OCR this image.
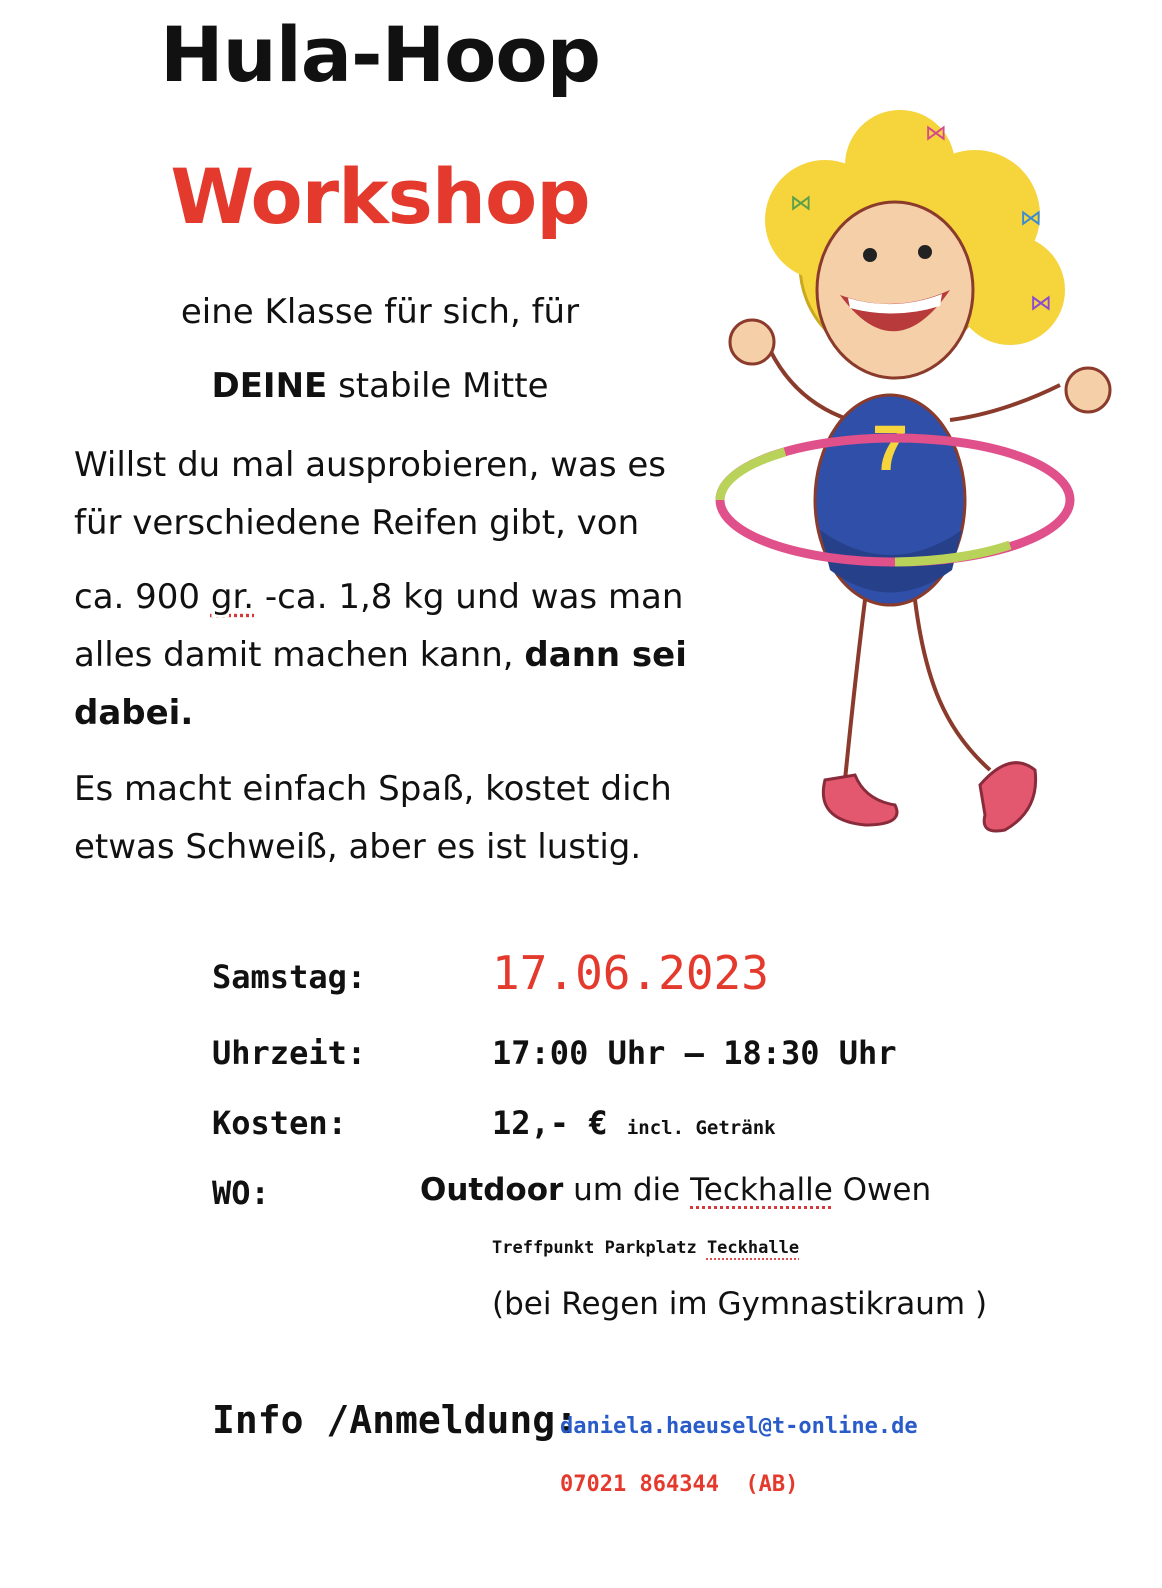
Hula-Hoop
Workshop
eine Klasse für sich, für
DEINE stabile Mitte
Willst du mal ausprobieren, was es
für verschiedene Reifen gibt, von
ca. 900 gr. -ca. 1,8 kg und was man
alles damit machen kann, dann sei
dabei.
Es macht einfach Spaß, kostet dich
etwas Schweiß, aber es ist lustig.
7
⋈
⋈
⋈
⋈
Samstag:	17.06.2023
Uhrzeit:	17:00 Uhr – 18:30 Uhr
Kosten:	12,- € incl. Getränk
WO:	Outdoor um die Teckhalle Owen
Treffpunkt Parkplatz Teckhalle
(bei Regen im Gymnastikraum )
Info /Anmeldung:
daniela.haeusel@t-online.de
07021 864344  (AB)
